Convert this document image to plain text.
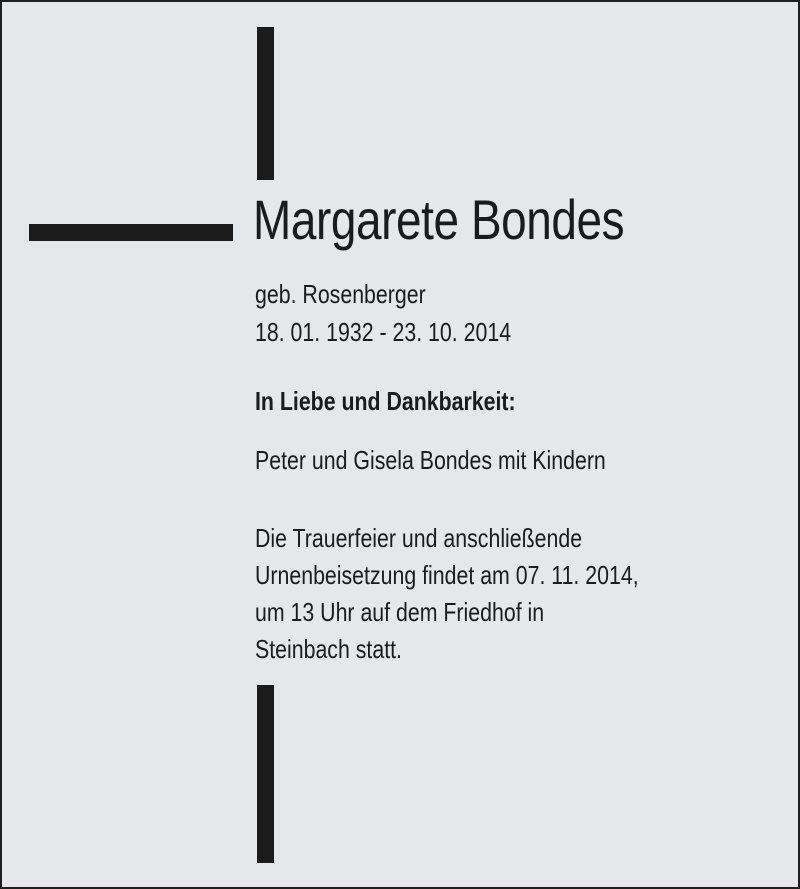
Margarete Bondes
geb. Rosenberger
18. 01. 1932 - 23. 10. 2014
In Liebe und Dankbarkeit:
Peter und Gisela Bondes mit Kindern
Die Trauerfeier und anschließende
Urnenbeisetzung findet am 07. 11. 2014,
um 13 Uhr auf dem Friedhof in
Steinbach statt.
